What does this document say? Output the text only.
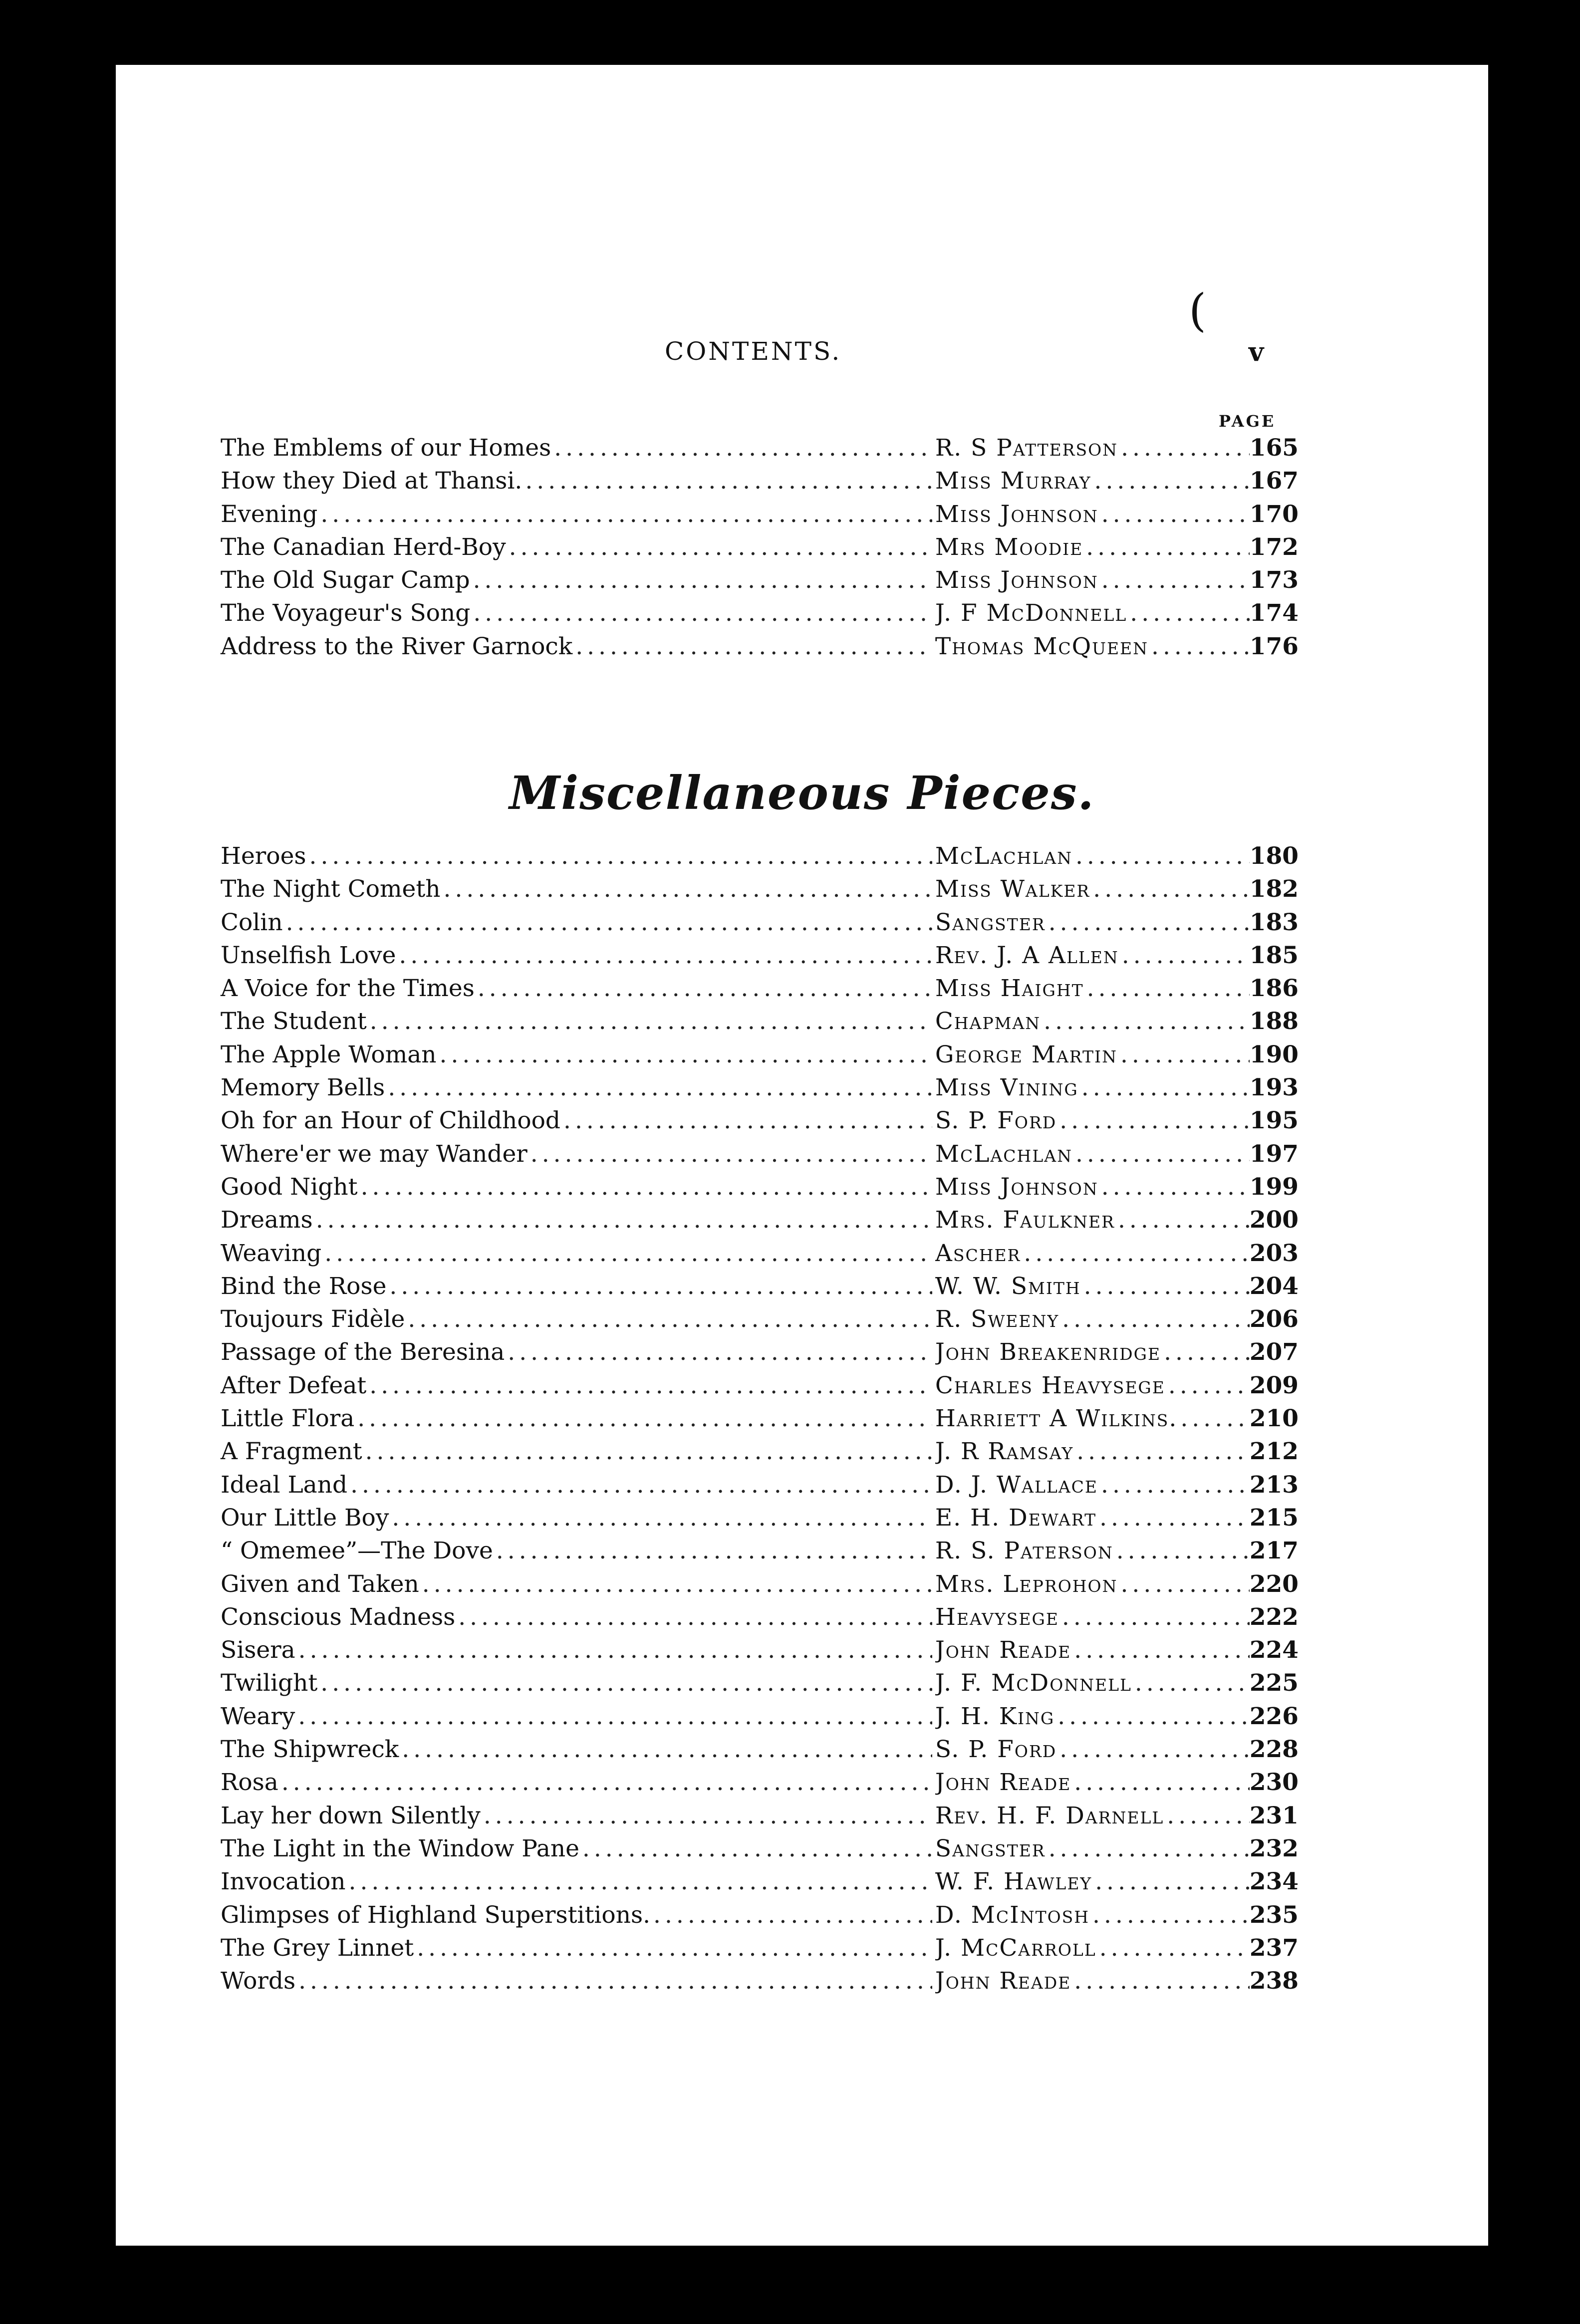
CONTENTS.	v
PAGE
The Emblems of our Homes .....	R. S Patterson .....	165
How they Died at Thansi. .....	Miss Murray .....	167
Evening .....	Miss Johnson .....	170
The Canadian Herd-Boy .....	Mrs Moodie .....	172
The Old Sugar Camp .....	Miss Johnson .....	173
The Voyageur's Song .....	J. F McDonnell .....	174
Address to the River Garnock .....	Thomas McQueen .....	176
Miscellaneous Pieces.
Heroes .....	McLachlan .....	180
The Night Cometh .....	Miss Walker .....	182
Colin .....	Sangster .....	183
Unselfish Love .....	Rev. J. A Allen .....	185
A Voice for the Times .....	Miss Haight .....	186
The Student .....	Chapman .....	188
The Apple Woman .....	George Martin .....	190
Memory Bells .....	Miss Vining .....	193
Oh for an Hour of Childhood .....	S. P. Ford .....	195
Where'er we may Wander .....	McLachlan .....	197
Good Night .....	Miss Johnson .....	199
Dreams .....	Mrs. Faulkner .....	200
Weaving .....	Ascher .....	203
Bind the Rose .....	W. W. Smith .....	204
Toujours Fidèle .....	R. Sweeny .....	206
Passage of the Beresina .....	John Breakenridge .....	207
After Defeat .....	Charles Heavysege .....	209
Little Flora .....	Harriett A Wilkins. .....	210
A Fragment .....	J. R Ramsay .....	212
Ideal Land .....	D. J. Wallace .....	213
Our Little Boy .....	E. H. Dewart .....	215
“ Omemee”—The Dove .....	R. S. Paterson .....	217
Given and Taken .....	Mrs. Leprohon .....	220
Conscious Madness .....	Heavysege .....	222
Sisera .....	John Reade .....	224
Twilight .....	J. F. McDonnell .....	225
Weary .....	J. H. King .....	226
The Shipwreck .....	S. P. Ford .....	228
Rosa .....	John Reade .....	230
Lay her down Silently .....	Rev. H. F. Darnell .....	231
The Light in the Window Pane .....	Sangster .....	232
Invocation .....	W. F. Hawley .....	234
Glimpses of Highland Superstitions. .....	D. McIntosh .....	235
The Grey Linnet .....	J. McCarroll .....	237
Words .....	John Reade .....	238
(
